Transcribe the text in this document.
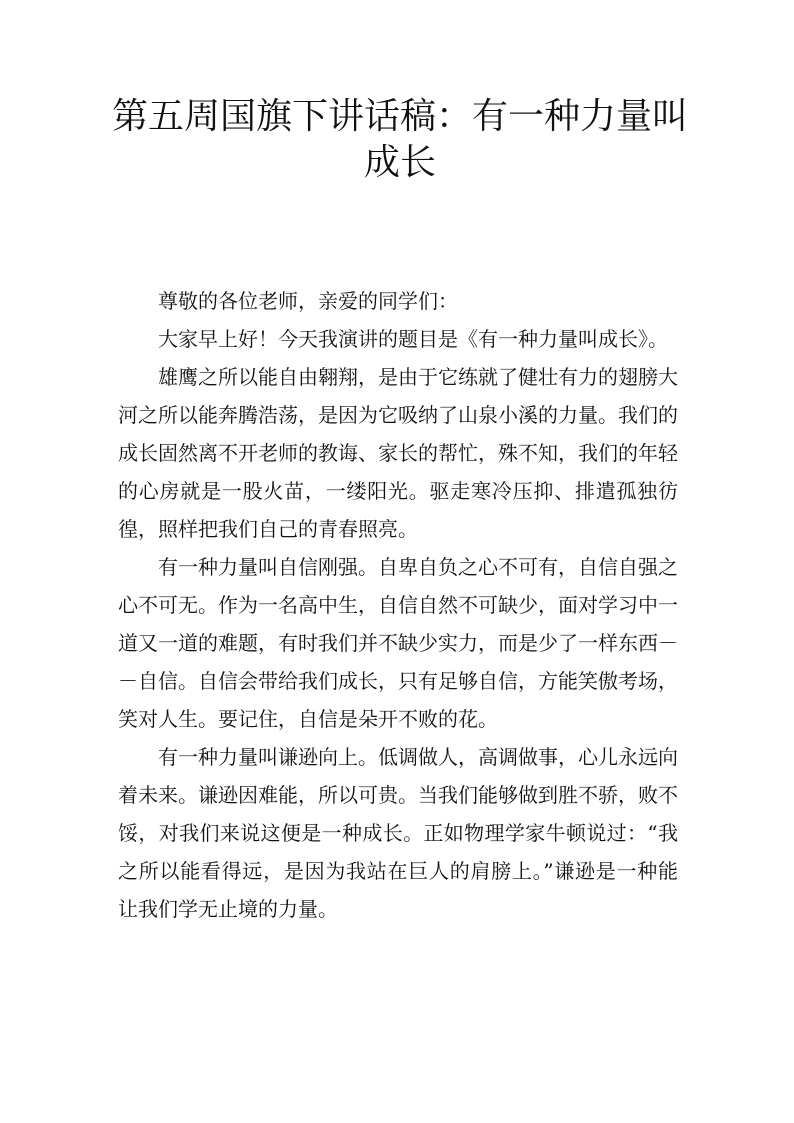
第五周国旗下讲话稿：有一种力量叫成长

尊敬的各位老师，亲爱的同学们：

大家早上好！今天我演讲的题目是《有一种力量叫成长》。

雄鹰之所以能自由翱翔，是由于它练就了健壮有力的翅膀大河之所以能奔腾浩荡，是因为它吸纳了山泉小溪的力量。我们的成长固然离不开老师的教诲、家长的帮忙，殊不知，我们的年轻的心房就是一股火苗，一缕阳光。驱走寒冷压抑、排遣孤独彷徨，照样把我们自己的青春照亮。

有一种力量叫自信刚强。自卑自负之心不可有，自信自强之心不可无。作为一名高中生，自信自然不可缺少，面对学习中一道又一道的难题，有时我们并不缺少实力，而是少了一样东西－－自信。自信会带给我们成长，只有足够自信，方能笑傲考场，笑对人生。要记住，自信是朵开不败的花。

有一种力量叫谦逊向上。低调做人，高调做事，心儿永远向着未来。谦逊因难能，所以可贵。当我们能够做到胜不骄，败不馁，对我们来说这便是一种成长。正如物理学家牛顿说过：“我之所以能看得远，是因为我站在巨人的肩膀上。”谦逊是一种能让我们学无止境的力量。
